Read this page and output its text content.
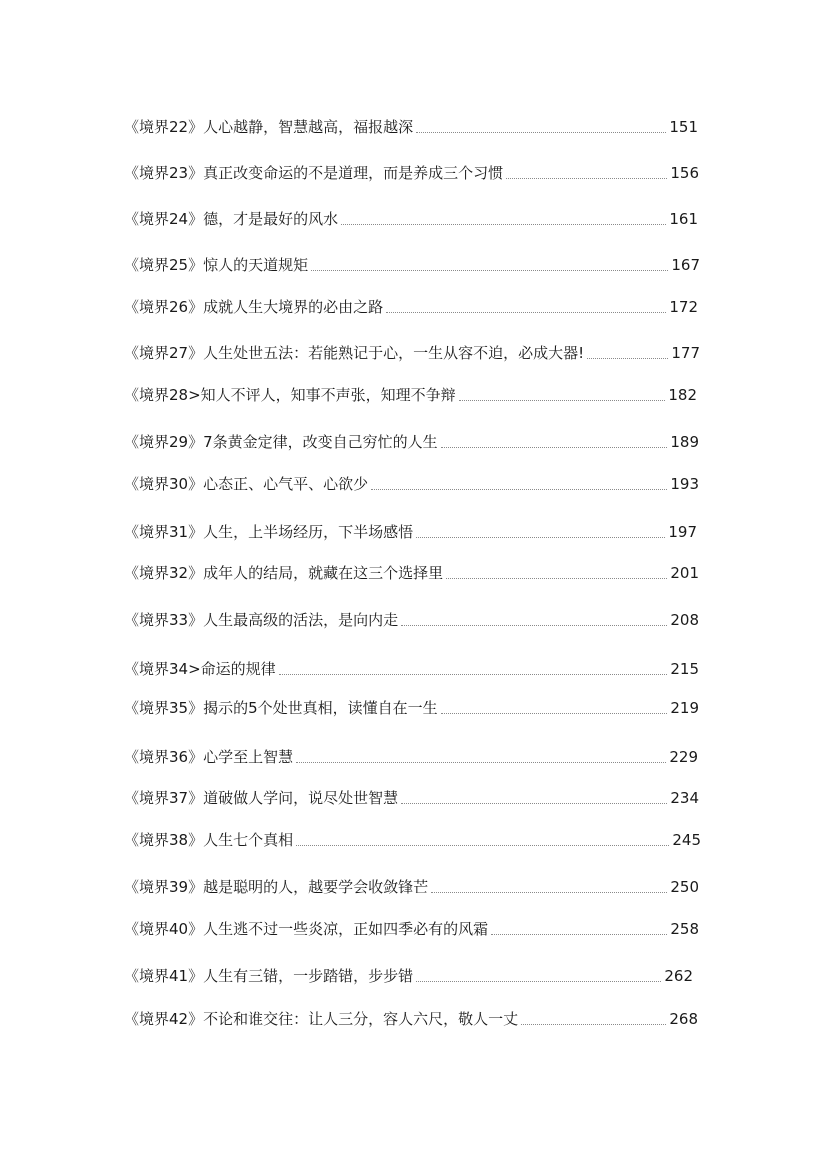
《境界22》人心越静，智慧越高，福报越深	151
《境界23》真正改变命运的不是道理，而是养成三个习惯	156
《境界24》德，才是最好的风水	161
《境界25》惊人的天道规矩	167
《境界26》成就人生大境界的必由之路	172
《境界27》人生处世五法：若能熟记于心，一生从容不迫，必成大器!	177
《境界28>知人不评人，知事不声张，知理不争辩	182
《境界29》7条黄金定律，改变自己穷忙的人生	189
《境界30》心态正、心气平、心欲少	193
《境界31》人生，上半场经历，下半场感悟	197
《境界32》成年人的结局，就藏在这三个选择里	201
《境界33》人生最高级的活法，是向内走	208
《境界34>命运的规律	215
《境界35》揭示的5个处世真相，读懂自在一生	219
《境界36》心学至上智慧	229
《境界37》道破做人学问，说尽处世智慧	234
《境界38》人生七个真相	245
《境界39》越是聪明的人，越要学会收敛锋芒	250
《境界40》人生逃不过一些炎凉，正如四季必有的风霜	258
《境界41》人生有三错，一步踏错，步步错	262
《境界42》不论和谁交往：让人三分，容人六尺，敬人一丈	268
